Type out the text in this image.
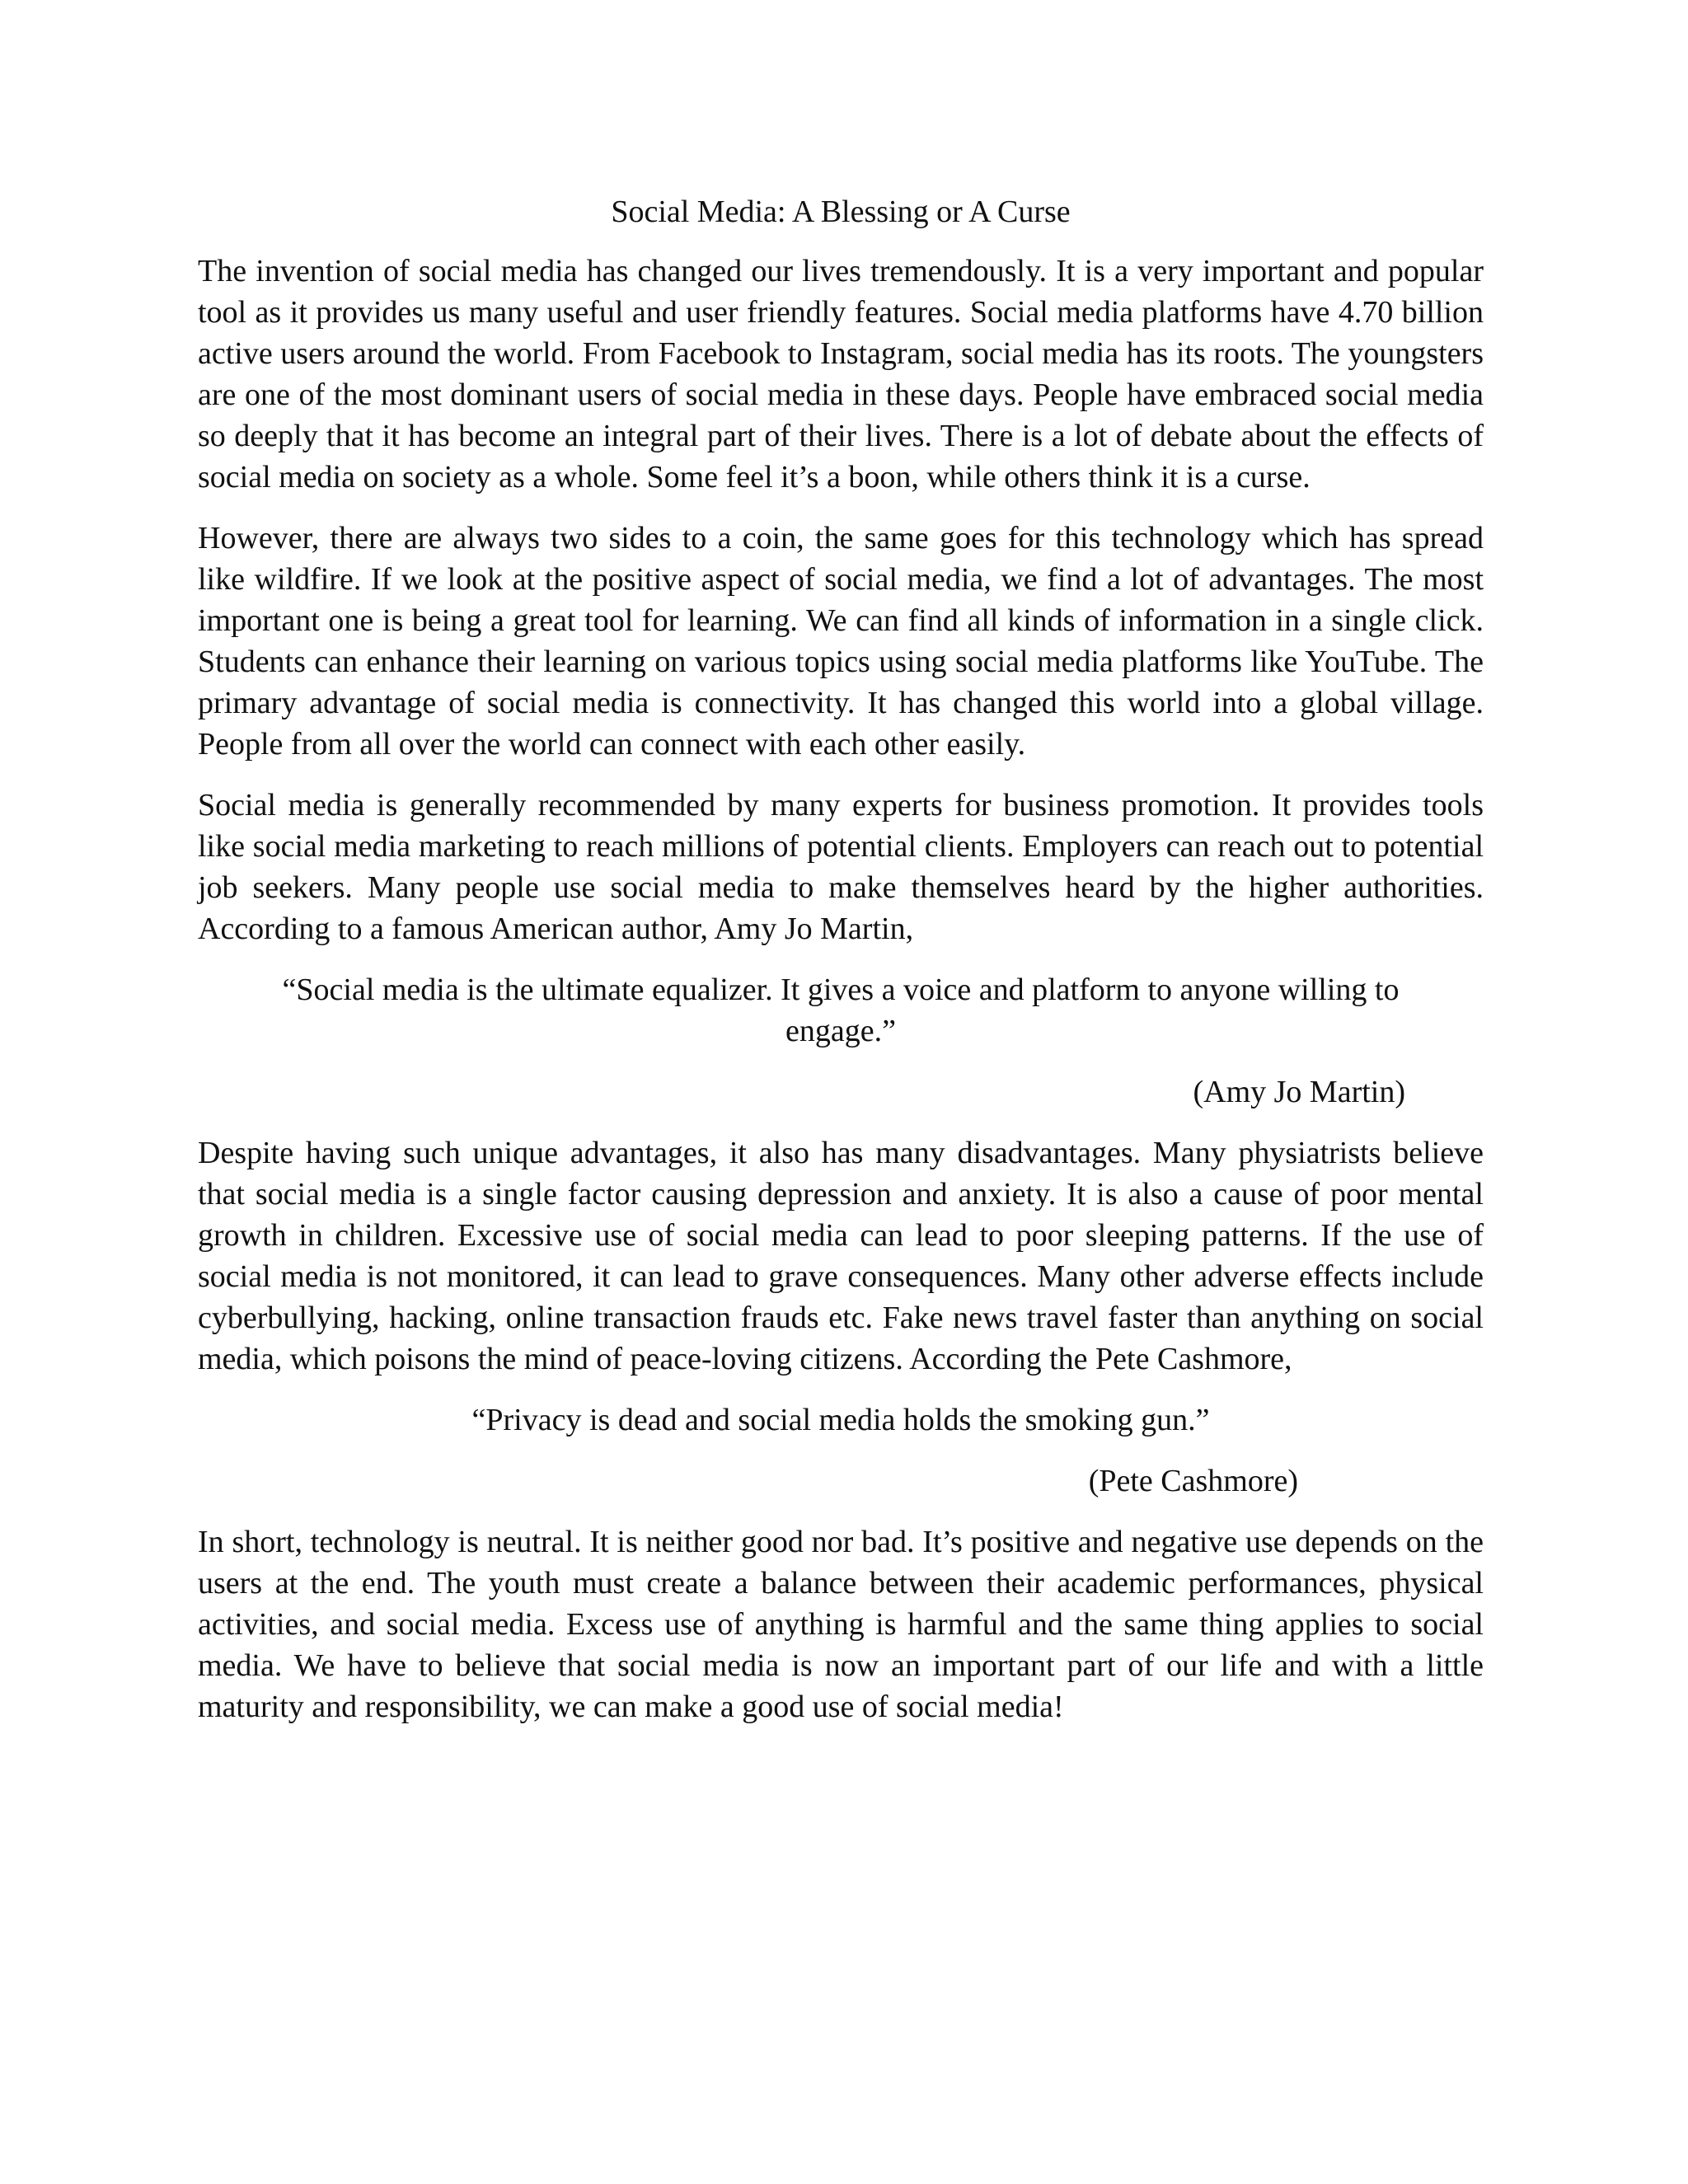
Social Media: A Blessing or A Curse

The invention of social media has changed our lives tremendously. It is a very important and popular tool as it provides us many useful and user friendly features. Social media platforms have 4.70 billion active users around the world. From Facebook to Instagram, social media has its roots. The youngsters are one of the most dominant users of social media in these days. People have embraced social media so deeply that it has become an integral part of their lives. There is a lot of debate about the effects of social media on society as a whole. Some feel it’s a boon, while others think it is a curse.

However, there are always two sides to a coin, the same goes for this technology which has spread like wildfire. If we look at the positive aspect of social media, we find a lot of advantages. The most important one is being a great tool for learning. We can find all kinds of information in a single click. Students can enhance their learning on various topics using social media platforms like YouTube. The primary advantage of social media is connectivity. It has changed this world into a global village. People from all over the world can connect with each other easily.

Social media is generally recommended by many experts for business promotion. It provides tools like social media marketing to reach millions of potential clients. Employers can reach out to potential job seekers. Many people use social media to make themselves heard by the higher authorities. According to a famous American author, Amy Jo Martin,

“Social media is the ultimate equalizer. It gives a voice and platform to anyone willing to engage.”

(Amy Jo Martin)

Despite having such unique advantages, it also has many disadvantages. Many physiatrists believe that social media is a single factor causing depression and anxiety. It is also a cause of poor mental growth in children. Excessive use of social media can lead to poor sleeping patterns. If the use of social media is not monitored, it can lead to grave consequences. Many other adverse effects include cyberbullying, hacking, online transaction frauds etc. Fake news travel faster than anything on social media, which poisons the mind of peace-loving citizens. According the Pete Cashmore,

“Privacy is dead and social media holds the smoking gun.”

(Pete Cashmore)

In short, technology is neutral. It is neither good nor bad. It’s positive and negative use depends on the users at the end. The youth must create a balance between their academic performances, physical activities, and social media. Excess use of anything is harmful and the same thing applies to social media. We have to believe that social media is now an important part of our life and with a little maturity and responsibility, we can make a good use of social media!
